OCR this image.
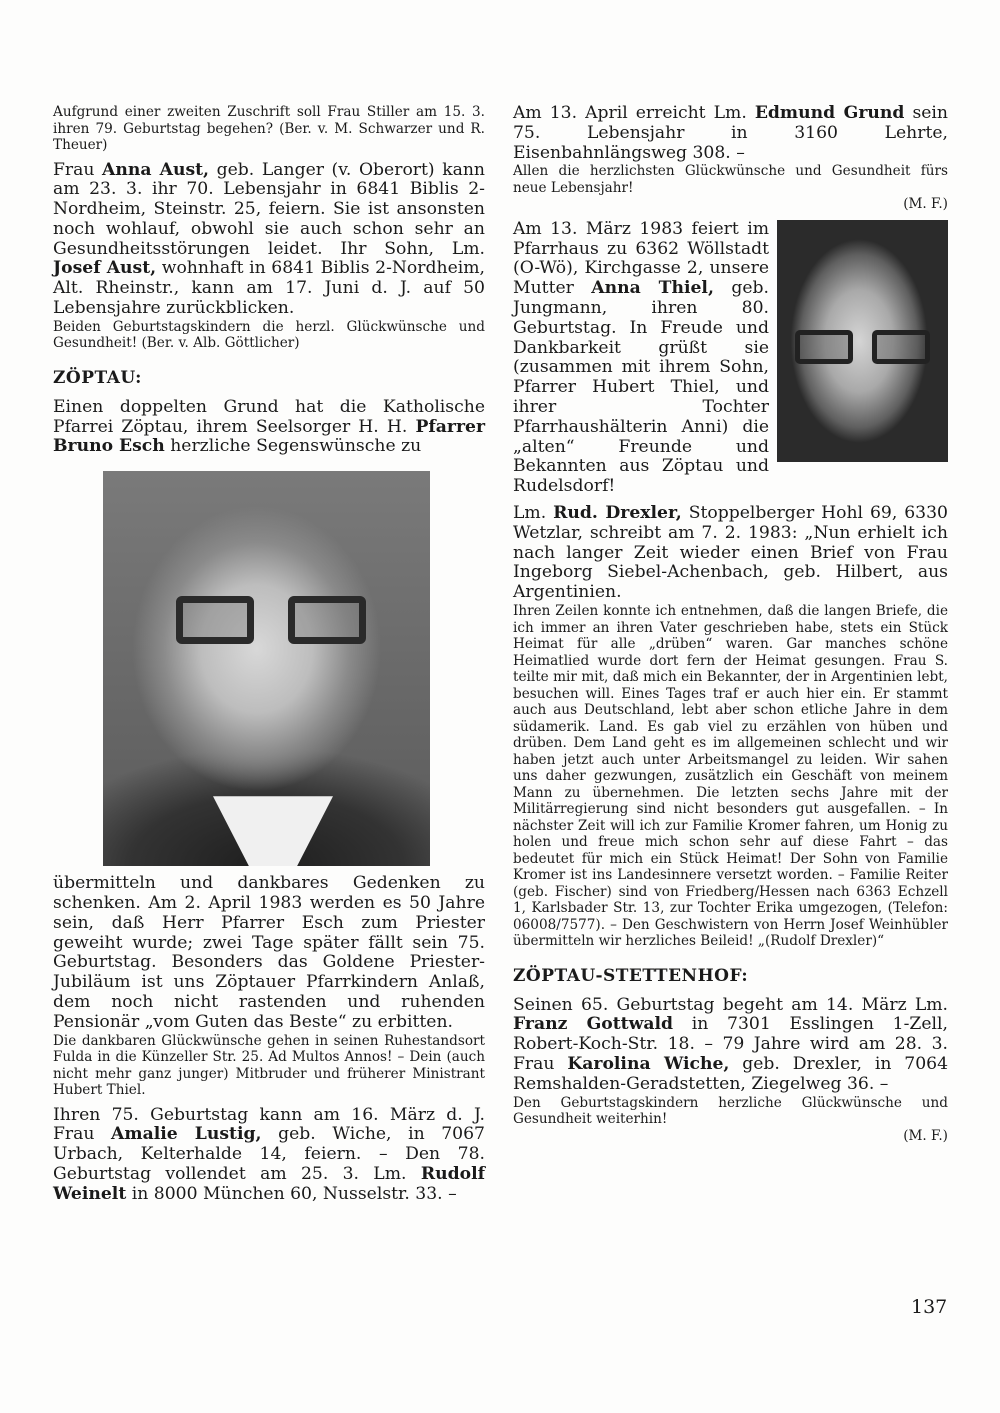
Aufgrund einer zweiten Zuschrift soll Frau Stiller am 15. 3. ihren 79. Geburtstag begehen? (Ber. v. M. Schwarzer und R. Theuer)

Frau Anna Aust, geb. Langer (v. Oberort) kann am 23. 3. ihr 70. Lebensjahr in 6841 Biblis 2-Nordheim, Steinstr. 25, feiern. Sie ist ansonsten noch wohlauf, obwohl sie auch schon sehr an Gesundheitsstörungen leidet. Ihr Sohn, Lm. Josef Aust, wohnhaft in 6841 Biblis 2-Nordheim, Alt. Rheinstr., kann am 17. Juni d. J. auf 50 Lebensjahre zurückblicken.

Beiden Geburtstagskindern die herzl. Glückwünsche und Gesundheit! (Ber. v. Alb. Göttlicher)

ZÖPTAU:

Einen doppelten Grund hat die Katholische Pfarrei Zöptau, ihrem Seelsorger H. H. Pfarrer Bruno Esch herzliche Segenswünsche zu

übermitteln und dankbares Gedenken zu schenken. Am 2. April 1983 werden es 50 Jahre sein, daß Herr Pfarrer Esch zum Priester geweiht wurde; zwei Tage später fällt sein 75. Geburtstag. Besonders das Goldene Priester-Jubiläum ist uns Zöptauer Pfarrkindern Anlaß, dem noch nicht rastenden und ruhenden Pensionär „vom Guten das Beste“ zu erbitten.

Die dankbaren Glückwünsche gehen in seinen Ruhestandsort Fulda in die Künzeller Str. 25. Ad Multos Annos! – Dein (auch nicht mehr ganz junger) Mitbruder und früherer Ministrant Hubert Thiel.

Ihren 75. Geburtstag kann am 16. März d. J. Frau Amalie Lustig, geb. Wiche, in 7067 Urbach, Kelterhalde 14, feiern. – Den 78. Geburtstag vollendet am 25. 3. Lm. Rudolf Weinelt in 8000 München 60, Nusselstr. 33. –

Am 13. April erreicht Lm. Edmund Grund sein 75. Lebensjahr in 3160 Lehrte, Eisenbahnlängsweg 308. –

Allen die herzlichsten Glückwünsche und Gesundheit fürs neue Lebensjahr!

(M. F.)

Am 13. März 1983 feiert im Pfarrhaus zu 6362 Wöllstadt (O-Wö), Kirchgasse 2, unsere Mutter Anna Thiel, geb. Jungmann, ihren 80. Geburtstag. In Freude und Dankbarkeit grüßt sie (zusammen mit ihrem Sohn, Pfarrer Hubert Thiel, und ihrer Tochter Pfarrhaushälterin Anni) die „alten“ Freunde und Bekannten aus Zöptau und Rudelsdorf!

Lm. Rud. Drexler, Stoppelberger Hohl 69, 6330 Wetzlar, schreibt am 7. 2. 1983: „Nun erhielt ich nach langer Zeit wieder einen Brief von Frau Ingeborg Siebel-Achenbach, geb. Hilbert, aus Argentinien.

Ihren Zeilen konnte ich entnehmen, daß die langen Briefe, die ich immer an ihren Vater geschrieben habe, stets ein Stück Heimat für alle „drüben“ waren. Gar manches schöne Heimatlied wurde dort fern der Heimat gesungen. Frau S. teilte mir mit, daß mich ein Bekannter, der in Argentinien lebt, besuchen will. Eines Tages traf er auch hier ein. Er stammt auch aus Deutschland, lebt aber schon etliche Jahre in dem südamerik. Land. Es gab viel zu erzählen von hüben und drüben. Dem Land geht es im allgemeinen schlecht und wir haben jetzt auch unter Arbeitsmangel zu leiden. Wir sahen uns daher gezwungen, zusätzlich ein Geschäft von meinem Mann zu übernehmen. Die letzten sechs Jahre mit der Militärregierung sind nicht besonders gut ausgefallen. – In nächster Zeit will ich zur Familie Kromer fahren, um Honig zu holen und freue mich schon sehr auf diese Fahrt – das bedeutet für mich ein Stück Heimat! Der Sohn von Familie Kromer ist ins Landesinnere versetzt worden. – Familie Reiter (geb. Fischer) sind von Friedberg/Hessen nach 6363 Echzell 1, Karlsbader Str. 13, zur Tochter Erika umgezogen, (Telefon: 06008/7577). – Den Geschwistern von Herrn Josef Weinhübler übermitteln wir herzliches Beileid! „(Rudolf Drexler)“

ZÖPTAU-STETTENHOF:

Seinen 65. Geburtstag begeht am 14. März Lm. Franz Gottwald in 7301 Esslingen 1-Zell, Robert-Koch-Str. 18. – 79 Jahre wird am 28. 3. Frau Karolina Wiche, geb. Drexler, in 7064 Remshalden-Geradstetten, Ziegelweg 36. –

Den Geburtstagskindern herzliche Glückwünsche und Gesundheit weiterhin!

(M. F.)
137
